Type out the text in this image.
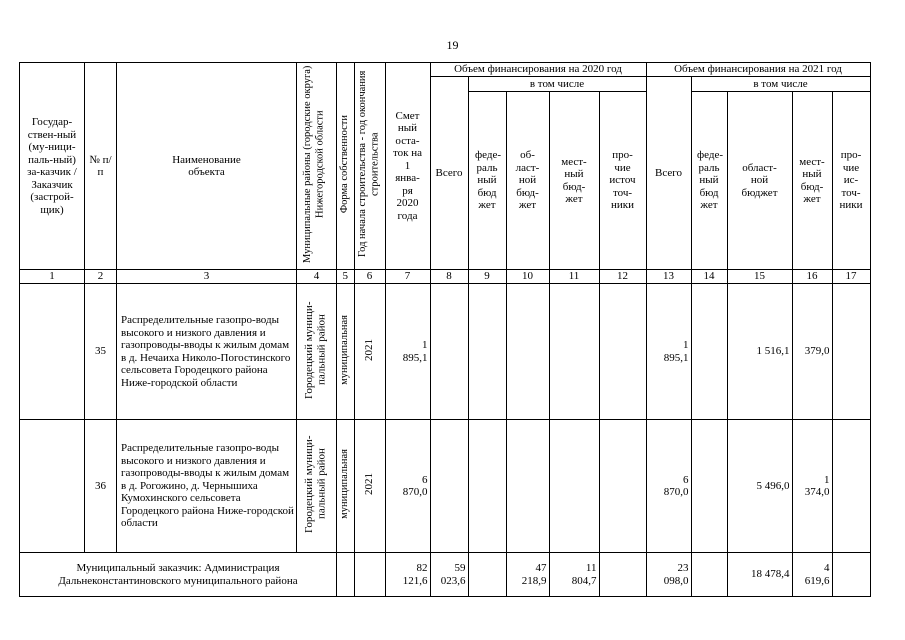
19
Государ-ствен-ный (му-ници-паль-ный) за-казчик / Заказчик (застрой-щик)	№ п/п	Наименование объекта	Муниципальные районы (городские округа) Нижегородской области	Форма собственности	Год начала строительства - год окончания строительства	Смет ный оста-ток на 1 янва-ря 2020 года	Объем финансирования на 2020 год					Объем финансирования на 2021 год				
							Всего	в том числе				Всего	в том числе			
								феде-раль ный бюд жет	об-ласт-ной бюд-жет	мест-ный бюд-жет	про-чие источ точ-ники		феде-раль ный бюд жет	област-ной бюджет	мест-ный бюд-жет	про-чие ис-точ-ники
1	2	3	4	5	6	7	8	9	10	11	12	13	14	15	16	17
	35	Распределительные газопро-воды высокого и низкого давления и газопроводы-вводы к жилым домам в д. Нечаиха Николо-Погостинского сельсовета Городецкого района Ниже-городской области	Городецкий муници-пальный район	муниципальная	2021	1 895,1						1 895,1		1 516,1	379,0	
	36	Распределительные газопро-воды высокого и низкого давления и газопроводы-вводы к жилым домам в д. Рогожино, д. Чернышиха Кумохинского сельсовета Городецкого района Ниже-городской области	Городецкий муници-пальный район	муниципальная	2021	6 870,0						6 870,0		5 496,0	1 374,0	
Муниципальный заказчик: Администрация Дальнеконстантиновского муниципального района						82 121,6	59 023,6		47 218,9	11 804,7		23 098,0		18 478,4	4 619,6	
